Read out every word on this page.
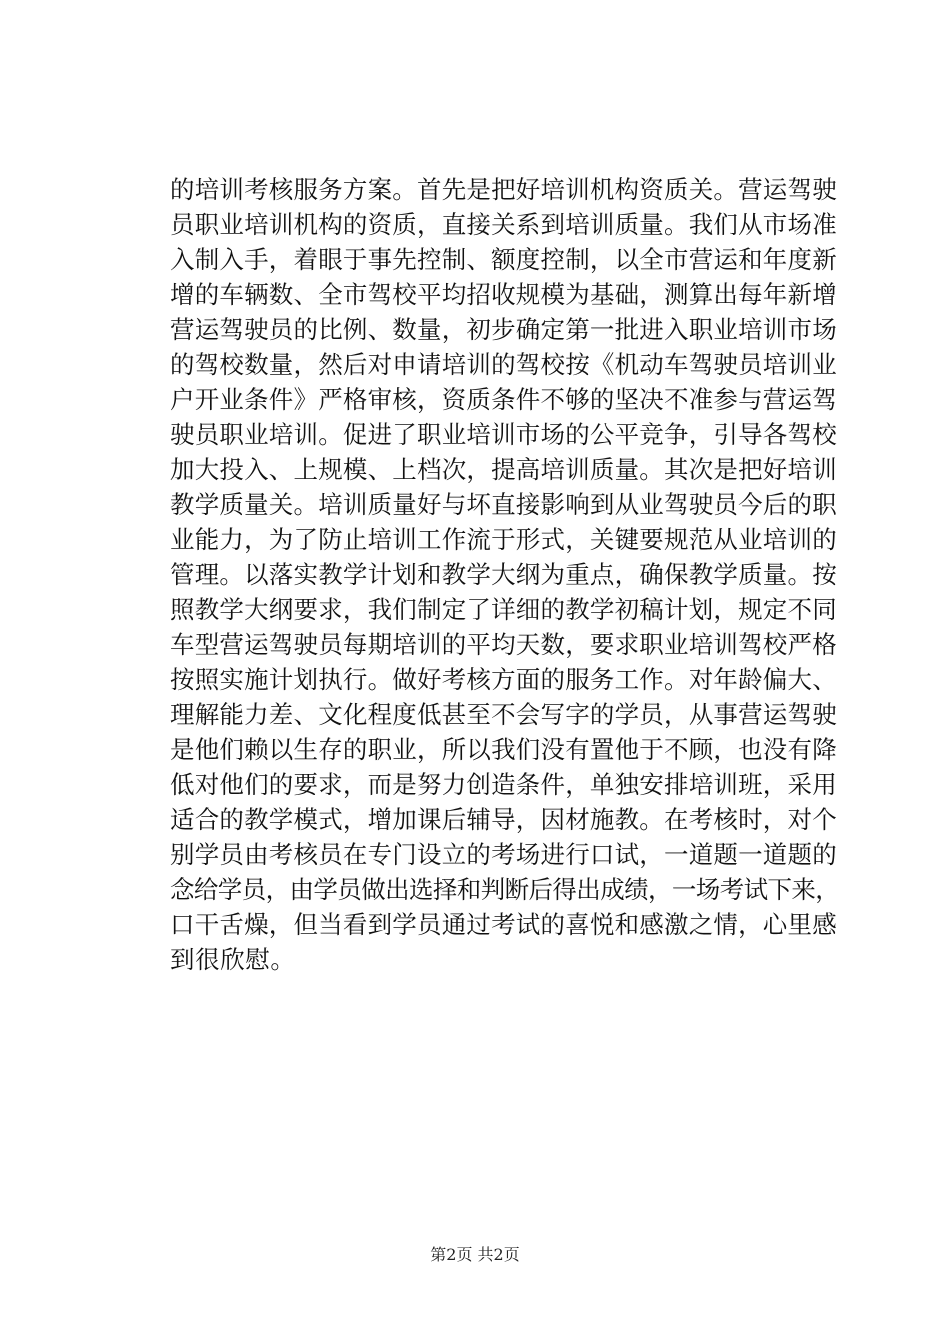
的培训考核服务方案。首先是把好培训机构资质关。营运驾驶
员职业培训机构的资质，直接关系到培训质量。我们从市场准
入制入手，着眼于事先控制、额度控制，以全市营运和年度新
增的车辆数、全市驾校平均招收规模为基础，测算出每年新增
营运驾驶员的比例、数量，初步确定第一批进入职业培训市场
的驾校数量，然后对申请培训的驾校按《机动车驾驶员培训业
户开业条件》严格审核，资质条件不够的坚决不准参与营运驾
驶员职业培训。促进了职业培训市场的公平竞争，引导各驾校
加大投入、上规模、上档次，提高培训质量。其次是把好培训
教学质量关。培训质量好与坏直接影响到从业驾驶员今后的职
业能力，为了防止培训工作流于形式，关键要规范从业培训的
管理。以落实教学计划和教学大纲为重点，确保教学质量。按
照教学大纲要求，我们制定了详细的教学初稿计划，规定不同
车型营运驾驶员每期培训的平均天数，要求职业培训驾校严格
按照实施计划执行。做好考核方面的服务工作。对年龄偏大、
理解能力差、文化程度低甚至不会写字的学员，从事营运驾驶
是他们赖以生存的职业，所以我们没有置他于不顾，也没有降
低对他们的要求，而是努力创造条件，单独安排培训班，采用
适合的教学模式，增加课后辅导，因材施教。在考核时，对个
别学员由考核员在专门设立的考场进行口试，一道题一道题的
念给学员，由学员做出选择和判断后得出成绩，一场考试下来，
口干舌燥，但当看到学员通过考试的喜悦和感激之情，心里感
到很欣慰。
第2页 共2页
